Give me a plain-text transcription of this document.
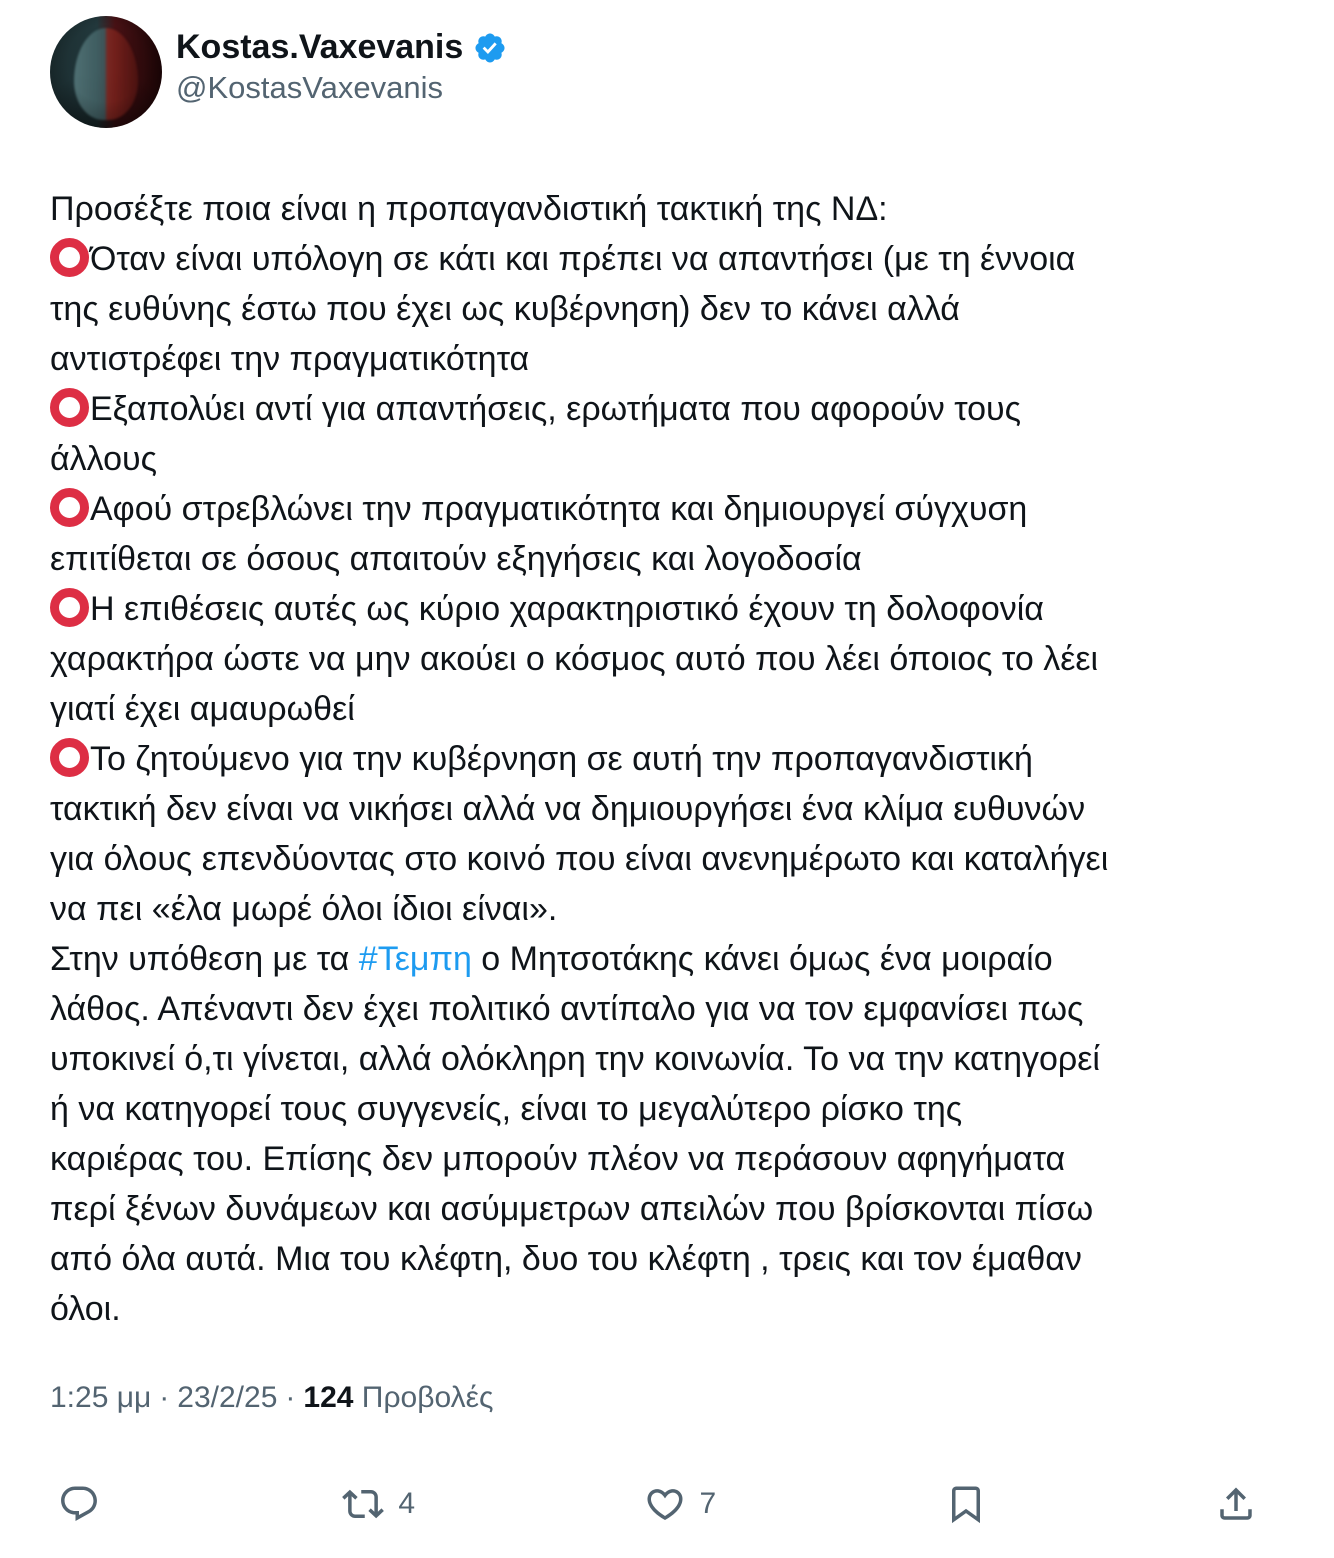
Kostas.Vaxevanis
@KostasVaxevanis
Προσέξτε ποια είναι η προπαγανδιστική τακτική της ΝΔ:
Όταν είναι υπόλογη σε κάτι και πρέπει να απαντήσει (με τη έννοια
της ευθύνης έστω που έχει ως κυβέρνηση) δεν το κάνει αλλά
αντιστρέφει την πραγματικότητα
Εξαπολύει αντί για απαντήσεις, ερωτήματα που αφορούν τους
άλλους
Αφού στρεβλώνει την πραγματικότητα και δημιουργεί σύγχυση
επιτίθεται σε όσους απαιτούν εξηγήσεις και λογοδοσία
Η επιθέσεις αυτές ως κύριο χαρακτηριστικό έχουν τη δολοφονία
χαρακτήρα ώστε να μην ακούει ο κόσμος αυτό που λέει όποιος το λέει
γιατί έχει αμαυρωθεί
Το ζητούμενο για την κυβέρνηση σε αυτή την προπαγανδιστική
τακτική δεν είναι να νικήσει αλλά να δημιουργήσει ένα κλίμα ευθυνών
για όλους επενδύοντας στο κοινό που είναι ανενημέρωτο και καταλήγει
να πει «έλα μωρέ όλοι ίδιοι είναι».
Στην υπόθεση με τα #Τεμπη ο Μητσοτάκης κάνει όμως ένα μοιραίο
λάθος. Απέναντι δεν έχει πολιτικό αντίπαλο για να τον εμφανίσει πως
υποκινεί ό,τι γίνεται, αλλά ολόκληρη την κοινωνία. Το να την κατηγορεί
ή να κατηγορεί τους συγγενείς, είναι το μεγαλύτερο ρίσκο της
καριέρας του. Επίσης δεν μπορούν πλέον να περάσουν αφηγήματα
περί ξένων δυνάμεων και ασύμμετρων απειλών που βρίσκονται πίσω
από όλα αυτά. Μια του κλέφτη, δυο του κλέφτη , τρεις και τον έμαθαν
όλοι.
1:25 μμ · 23/2/25 · 124 Προβολές
4	7
